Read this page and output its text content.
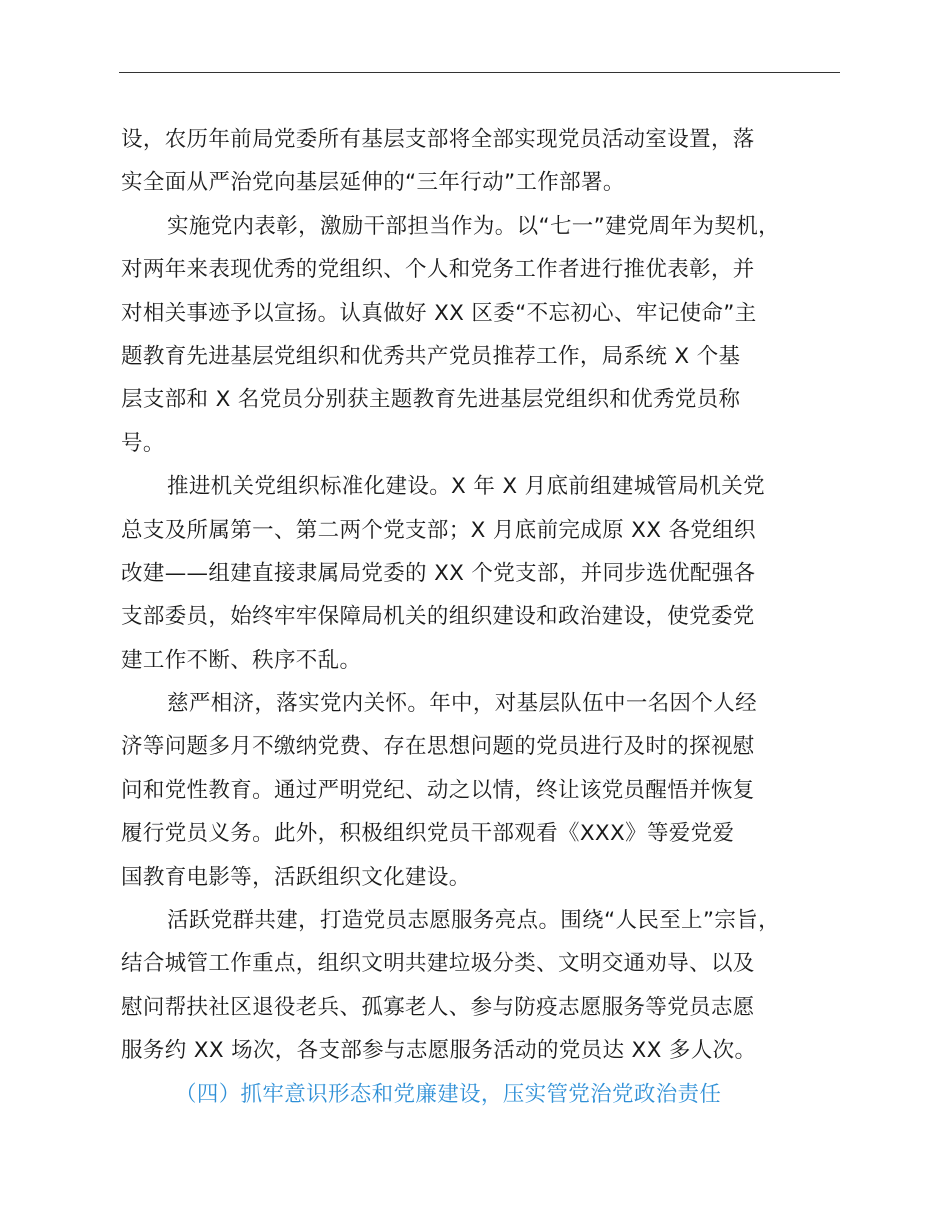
设，农历年前局党委所有基层支部将全部实现党员活动室设置，落
实全面从严治党向基层延伸的“三年行动”工作部署。
实施党内表彰，激励干部担当作为。以“七一”建党周年为契机，
对两年来表现优秀的党组织、个人和党务工作者进行推优表彰，并
对相关事迹予以宣扬。认真做好 XX 区委“不忘初心、牢记使命”主
题教育先进基层党组织和优秀共产党员推荐工作，局系统 X 个基
层支部和 X 名党员分别获主题教育先进基层党组织和优秀党员称
号。
推进机关党组织标准化建设。X 年 X 月底前组建城管局机关党
总支及所属第一、第二两个党支部；X 月底前完成原 XX 各党组织
改建——组建直接隶属局党委的 XX 个党支部，并同步选优配强各
支部委员，始终牢牢保障局机关的组织建设和政治建设，使党委党
建工作不断、秩序不乱。
慈严相济，落实党内关怀。年中，对基层队伍中一名因个人经
济等问题多月不缴纳党费、存在思想问题的党员进行及时的探视慰
问和党性教育。通过严明党纪、动之以情，终让该党员醒悟并恢复
履行党员义务。此外，积极组织党员干部观看《XXX》等爱党爱
国教育电影等，活跃组织文化建设。
活跃党群共建，打造党员志愿服务亮点。围绕“人民至上”宗旨，
结合城管工作重点，组织文明共建垃圾分类、文明交通劝导、以及
慰问帮扶社区退役老兵、孤寡老人、参与防疫志愿服务等党员志愿
服务约 XX 场次，各支部参与志愿服务活动的党员达 XX 多人次。
（四）抓牢意识形态和党廉建设，压实管党治党政治责任
